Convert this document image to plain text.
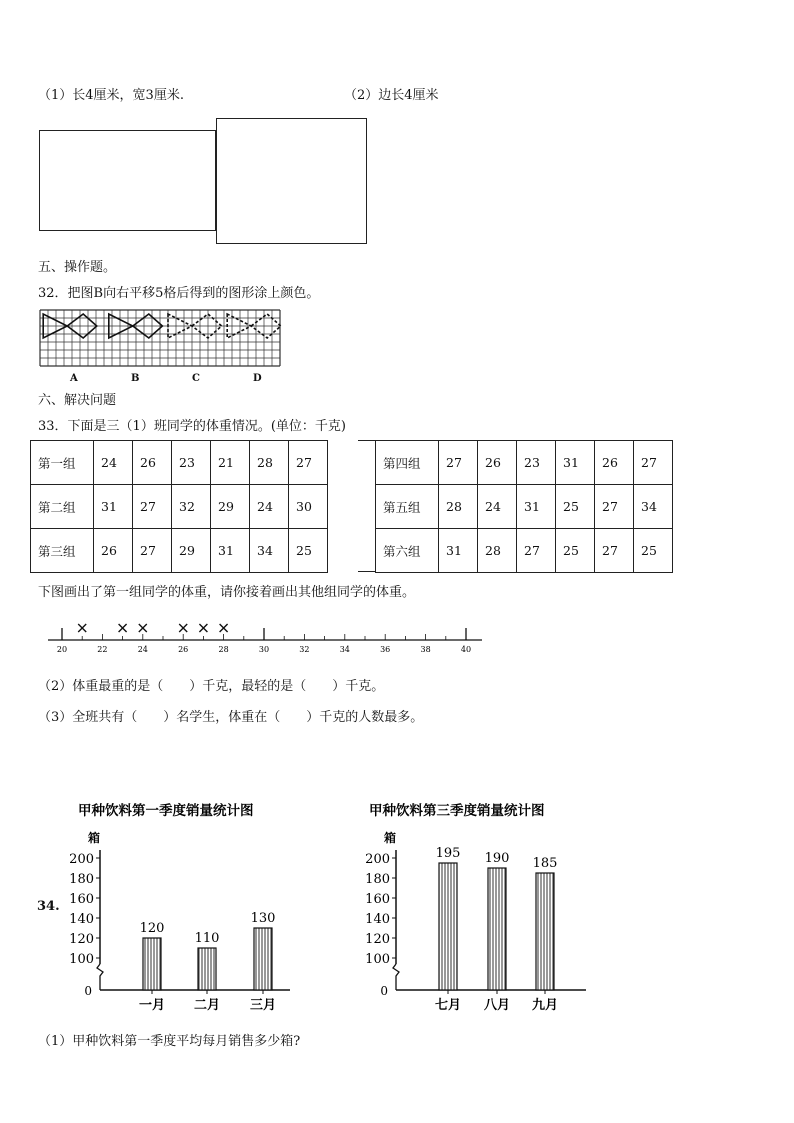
（1）长4厘米，宽3厘米.	（2）边长4厘米
五、操作题。
32．把图B向右平移5格后得到的图形涂上颜色。
A	B	C	D
六、解决问题
33．下面是三（1）班同学的体重情况。(单位：千克)
第一组	24	26	23	21	28	27
第二组	31	27	32	29	24	30
第三组	26	27	29	31	34	25
第四组	27	26	23	31	26	27
第五组	28	24	31	25	27	34
第六组	31	28	27	25	27	25
下图画出了第一组同学的体重，请你接着画出其他组同学的体重。
20	22	24	26	28	30	32	34	36	38	40
（2）体重最重的是（　　）千克，最轻的是（　　）千克。
（3）全班共有（　　）名学生，体重在（　　）千克的人数最多。
34.
甲种饮料第一季度销量统计图
箱
200
180
160
140
120
100
0
120
一月
110
二月
130
三月
甲种饮料第三季度销量统计图
箱
200
180
160
140
120
100
0
195
七月
190
八月
185
九月
（1）甲种饮料第一季度平均每月销售多少箱?
